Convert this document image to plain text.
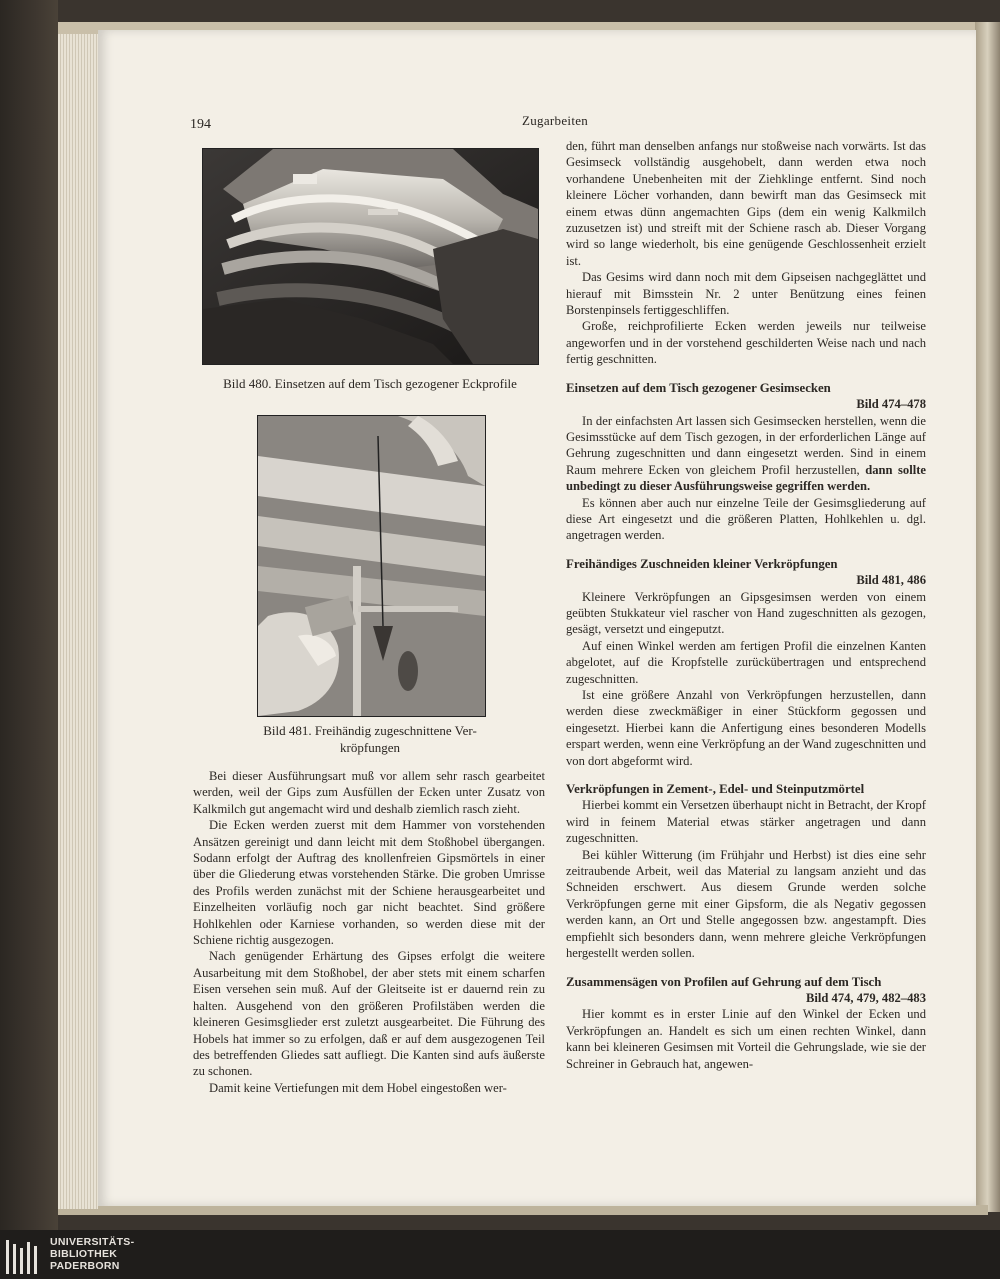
194	Zugarbeiten
Bild 480. Einsetzen auf dem Tisch gezogener Eckprofile
Bild 481. Freihändig zugeschnittene Ver-
kröpfungen

Bei dieser Ausführungsart muß vor allem sehr rasch gearbeitet werden, weil der Gips zum Ausfüllen der Ecken unter Zusatz von Kalkmilch gut angemacht wird und deshalb ziemlich rasch zieht.

Die Ecken werden zuerst mit dem Hammer von vorstehenden Ansätzen gereinigt und dann leicht mit dem Stoßhobel übergangen. Sodann erfolgt der Auftrag des knollenfreien Gipsmörtels in einer über die Gliederung etwas vorstehenden Stärke. Die groben Umrisse des Profils werden zunächst mit der Schiene herausgearbeitet und Einzelheiten vorläufig noch gar nicht beachtet. Sind größere Hohlkehlen oder Karniese vorhanden, so werden diese mit der Schiene richtig ausgezogen.

Nach genügender Erhärtung des Gipses erfolgt die weitere Ausarbeitung mit dem Stoßhobel, der aber stets mit einem scharfen Eisen versehen sein muß. Auf der Gleitseite ist er dauernd rein zu halten. Ausgehend von den größeren Profilstäben werden die kleineren Gesimsglieder erst zuletzt ausgearbeitet. Die Führung des Hobels hat immer so zu erfolgen, daß er auf dem ausgezogenen Teil des betreffenden Gliedes satt aufliegt. Die Kanten sind aufs äußerste zu schonen.

Damit keine Vertiefungen mit dem Hobel eingestoßen wer-

den, führt man denselben anfangs nur stoßweise nach vorwärts. Ist das Gesimseck vollständig ausgehobelt, dann werden etwa noch vorhandene Unebenheiten mit der Ziehklinge entfernt. Sind noch kleinere Löcher vorhanden, dann bewirft man das Gesimseck mit einem etwas dünn angemachten Gips (dem ein wenig Kalkmilch zuzusetzen ist) und streift mit der Schiene rasch ab. Dieser Vorgang wird so lange wiederholt, bis eine genügende Geschlossenheit erzielt ist.

Das Gesims wird dann noch mit dem Gipseisen nachgeglättet und hierauf mit Bimsstein Nr. 2 unter Benützung eines feinen Borstenpinsels fertiggeschliffen.

Große, reichprofilierte Ecken werden jeweils nur teilweise angeworfen und in der vorstehend geschilderten Weise nach und nach fertig geschnitten.

Einsetzen auf dem Tisch gezogener Gesimsecken

Bild 474–478

In der einfachsten Art lassen sich Gesimsecken herstellen, wenn die Gesimsstücke auf dem Tisch gezogen, in der erforderlichen Länge auf Gehrung zugeschnitten und dann eingesetzt werden. Sind in einem Raum mehrere Ecken von gleichem Profil herzustellen, dann sollte unbedingt zu dieser Ausführungsweise gegriffen werden.

Es können aber auch nur einzelne Teile der Gesimsgliederung auf diese Art eingesetzt und die größeren Platten, Hohlkehlen u. dgl. angetragen werden.

Freihändiges Zuschneiden kleiner Verkröpfungen

Bild 481, 486

Kleinere Verkröpfungen an Gipsgesimsen werden von einem geübten Stukkateur viel rascher von Hand zugeschnitten als gezogen, gesägt, versetzt und eingeputzt.

Auf einen Winkel werden am fertigen Profil die einzelnen Kanten abgelotet, auf die Kropfstelle zurückübertragen und entsprechend zugeschnitten.

Ist eine größere Anzahl von Verkröpfungen herzustellen, dann werden diese zweckmäßiger in einer Stückform gegossen und eingesetzt. Hierbei kann die Anfertigung eines besonderen Modells erspart werden, wenn eine Verkröpfung an der Wand zugeschnitten und von dort abgeformt wird.

Verkröpfungen in Zement-, Edel- und Steinputzmörtel

Hierbei kommt ein Versetzen überhaupt nicht in Betracht, der Kropf wird in feinem Material etwas stärker angetragen und dann zugeschnitten.

Bei kühler Witterung (im Frühjahr und Herbst) ist dies eine sehr zeitraubende Arbeit, weil das Material zu langsam anzieht und das Schneiden erschwert. Aus diesem Grunde werden solche Verkröpfungen gerne mit einer Gipsform, die als Negativ gegossen werden kann, an Ort und Stelle angegossen bzw. angestampft. Dies empfiehlt sich besonders dann, wenn mehrere gleiche Verkröpfungen hergestellt werden sollen.

Zusammensägen von Profilen auf Gehrung auf dem Tisch

Bild 474, 479, 482–483

Hier kommt es in erster Linie auf den Winkel der Ecken und Verkröpfungen an. Handelt es sich um einen rechten Winkel, dann kann bei kleineren Gesimsen mit Vorteil die Gehrungslade, wie sie der Schreiner in Gebrauch hat, angewen-

UNIVERSITÄTS-
BIBLIOTHEK
PADERBORN
